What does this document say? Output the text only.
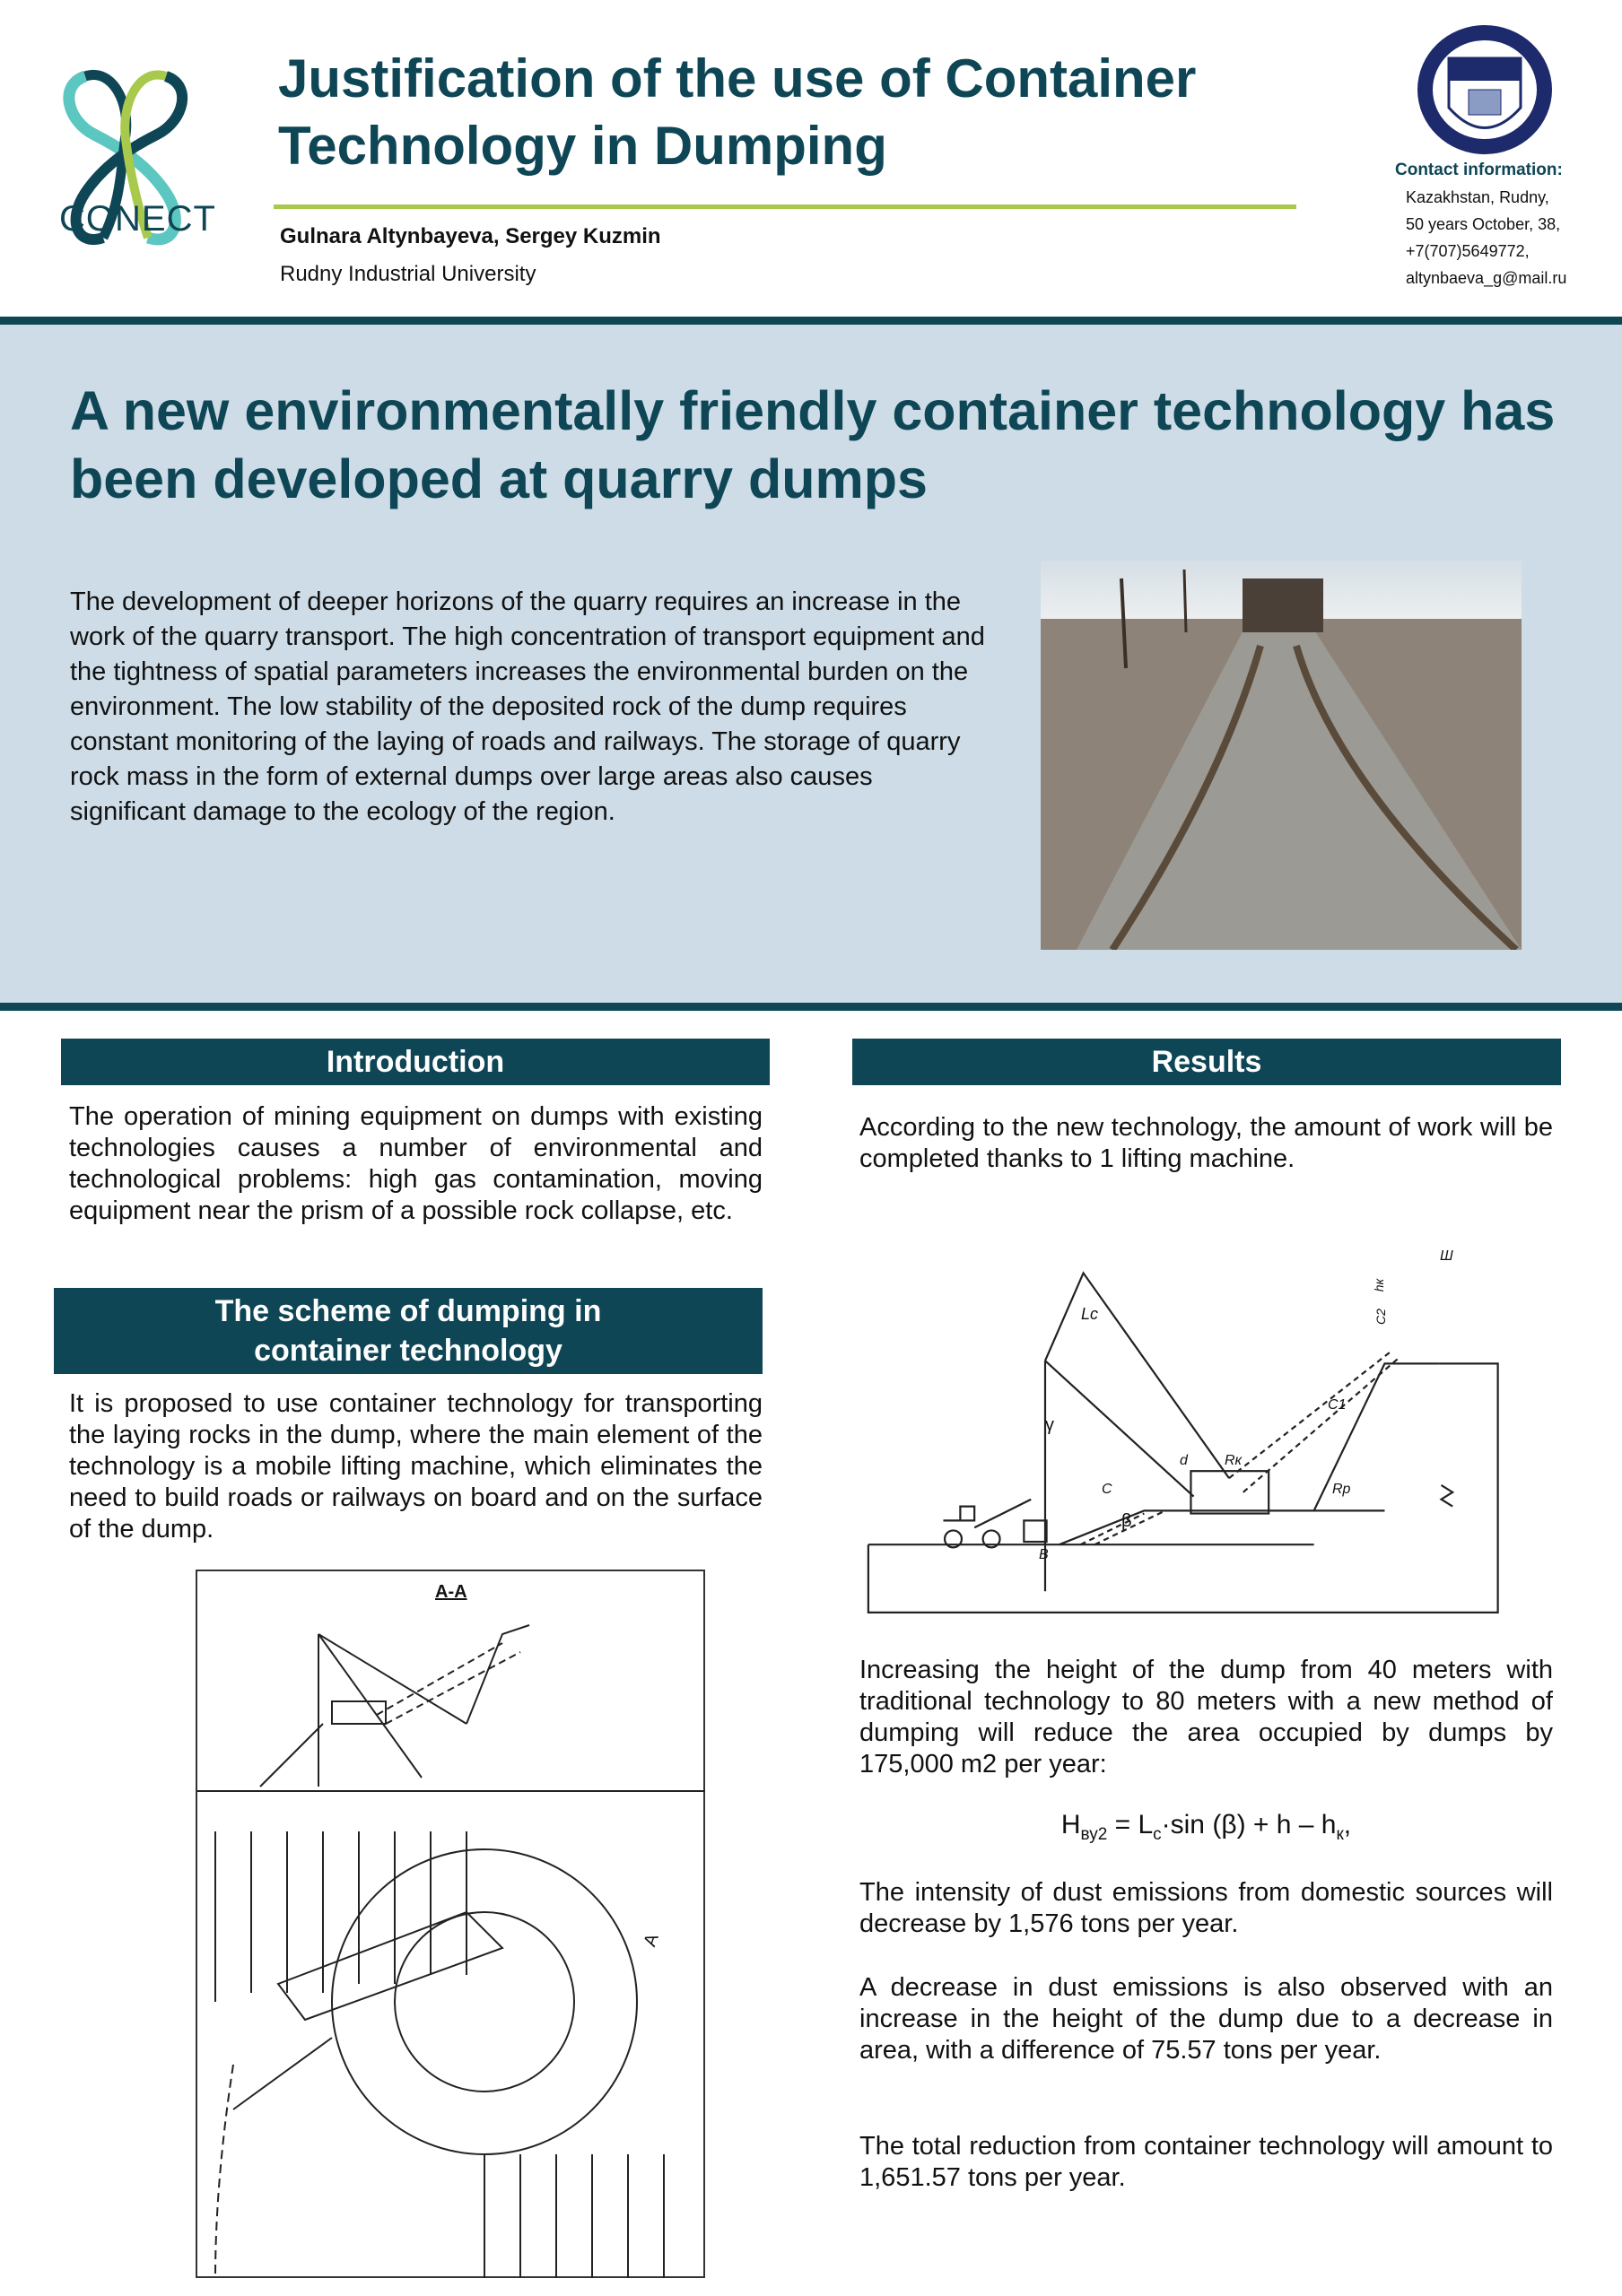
CONECT
Justification of the use of Container Technology in Dumping
Gulnara Altynbayeva, Sergey Kuzmin
Rudny Industrial University
Contact information:
Kazakhstan, Rudny,
50 years October, 38,
+7(707)5649772,
altynbaeva_g@mail.ru
A new environmentally friendly container technology has been developed at quarry dumps
The development of deeper horizons of the quarry requires an increase in the work of the quarry transport. The high concentration of transport equipment and the tightness of spatial parameters increases the environmental burden on the environment. The low stability of the deposited rock of the dump requires constant monitoring of the laying of roads and railways. The storage of quarry rock mass in the form of external dumps over large areas also causes significant damage to the ecology of the region.
Introduction
The operation of mining equipment on dumps with existing technologies causes a number of environmental and technological problems: high gas contamination, moving equipment near the prism of a possible rock collapse, etc.
The scheme of dumping in container technology
It is proposed to use container technology for transporting the laying rocks in the dump, where the main element of the technology is a mobile lifting machine, which eliminates the need to build roads or railways on board and on the surface of the dump.
A-A
A
Results
According to the new technology, the amount of work will be completed thanks to 1 lifting machine.
Lc
γ
β
C
d	Rк
Rp
C1
C2
hк
Ш
B
Increasing the height of the dump from 40 meters with traditional technology to 80 meters with a new method of dumping will reduce the area occupied by dumps by 175,000 m2 per year:
$H_{ву2} = L_c\cdot\sin$ $(\beta) + h - h_к$,
The intensity of dust emissions from domestic sources will decrease by 1,576 tons per year.
A decrease in dust emissions is also observed with an increase in the height of the dump due to a decrease in area, with a difference of 75.57 tons per year.
The total reduction from container technology will amount to 1,651.57 tons per year.
